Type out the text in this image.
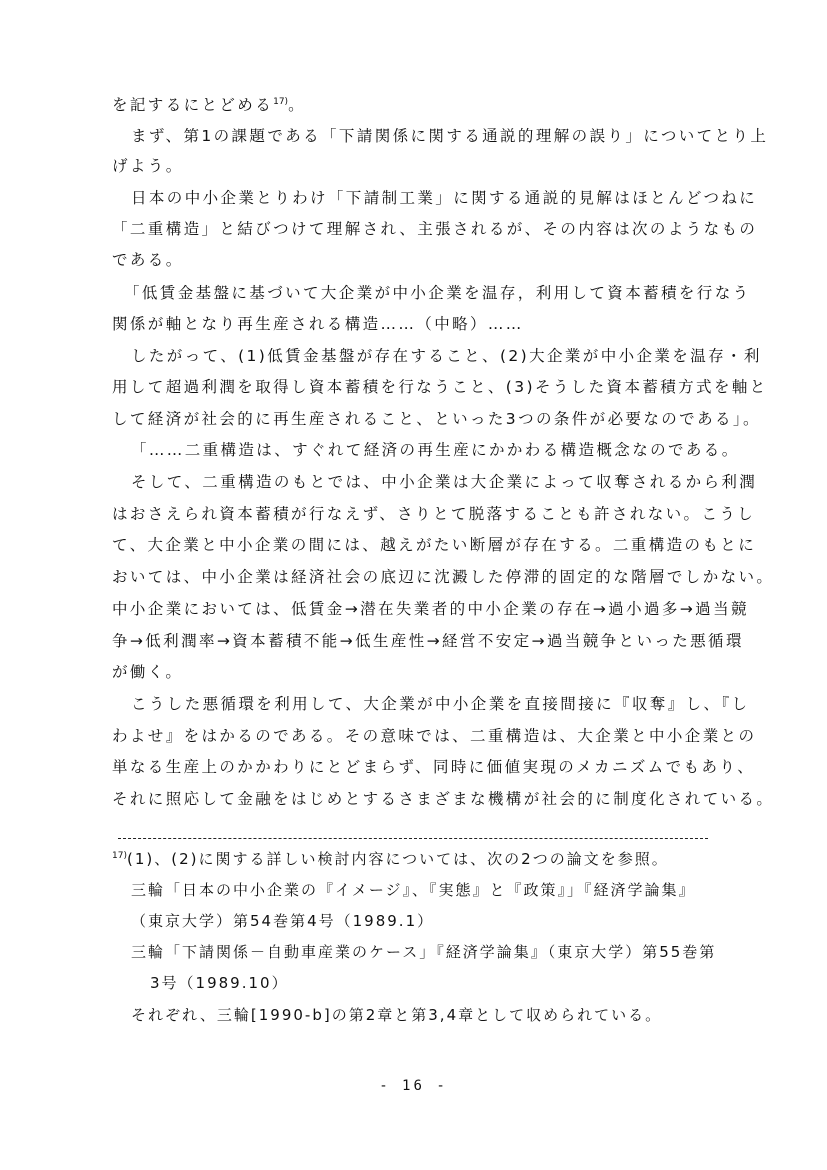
を記するにとどめる$^{17)}$。
まず、第1の課題である「下請関係に関する通説的理解の誤り」についてとり上
げよう。
日本の中小企業とりわけ「下請制工業」に関する通説的見解はほとんどつねに
「二重構造」と結びつけて理解され、主張されるが、その内容は次のようなもの
である。
「低賃金基盤に基づいて大企業が中小企業を温存，利用して資本蓄積を行なう
関係が軸となり再生産される構造……（中略）……
したがって、(1)低賃金基盤が存在すること、(2)大企業が中小企業を温存・利
用して超過利潤を取得し資本蓄積を行なうこと、(3)そうした資本蓄積方式を軸と
して経済が社会的に再生産されること、といった3つの条件が必要なのである」。
「……二重構造は、すぐれて経済の再生産にかかわる構造概念なのである。
そして、二重構造のもとでは、中小企業は大企業によって収奪されるから利潤
はおさえられ資本蓄積が行なえず、さりとて脱落することも許されない。こうし
て、大企業と中小企業の間には、越えがたい断層が存在する。二重構造のもとに
おいては、中小企業は経済社会の底辺に沈澱した停滞的固定的な階層でしかない。
中小企業においては、低賃金→潜在失業者的中小企業の存在→過小過多→過当競
争→低利潤率→資本蓄積不能→低生産性→経営不安定→過当競争といった悪循環
が働く。
こうした悪循環を利用して、大企業が中小企業を直接間接に『収奪』し、『し
わよせ』をはかるのである。その意味では、二重構造は、大企業と中小企業との
単なる生産上のかかわりにとどまらず、同時に価値実現のメカニズムでもあり、
それに照応して金融をはじめとするさまざまな機構が社会的に制度化されている。
$^{17)}$(1)、(2)に関する詳しい検討内容については、次の2つの論文を参照。
三輪「日本の中小企業の『イメージ』、『実態』と『政策』」『経済学論集』
（東京大学）第54巻第4号（1989.1）
三輪「下請関係－自動車産業のケース」『経済学論集』（東京大学）第55巻第
3号（1989.10）
それぞれ、三輪[1990-b]の第2章と第3,4章として収められている。
- 16 -
